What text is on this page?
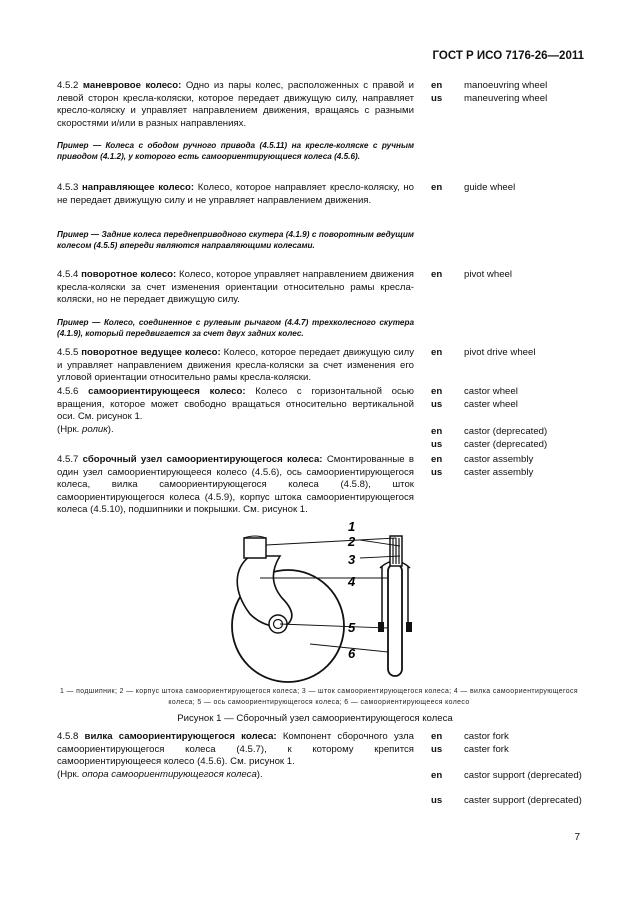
ГОСТ Р ИСО 7176-26—2011
4.5.2 маневровое колесо: Одно из пары колес, расположенных с правой и левой сторон кресла-коляски, которое передает движущую силу, направляет кресло-коляску и управляет направлением движения, вращаясь с разными скоростями и/или в разных направлениях.
Пример — Колеса с ободом ручного привода (4.5.11) на кресле-коляске с ручным приводом (4.1.2), у которого есть самоориентирующиеся колеса (4.5.6).
4.5.3 направляющее колесо: Колесо, которое направляет кресло-коляску, но не передает движущую силу и не управляет направлением движения.
Пример — Задние колеса переднеприводного скутера (4.1.9) с поворотным ведущим колесом (4.5.5) впереди являются направляющими колесами.
4.5.4 поворотное колесо: Колесо, которое управляет направлением движения кресла-коляски за счет изменения ориентации относительно рамы кресла-коляски, но не передает движущую силу.
Пример — Колесо, соединенное с рулевым рычагом (4.4.7) трехколесного скутера (4.1.9), который передвигается за счет двух задних колес.
4.5.5 поворотное ведущее колесо: Колесо, которое передает движущую силу и управляет направлением движения кресла-коляски за счет изменения его угловой ориентации относительно рамы кресла-коляски.
4.5.6 самоориентирующееся колесо: Колесо с горизонтальной осью вращения, которое может свободно вращаться относительно вертикальной оси. См. рисунок 1.
(Нрк. ролик).
4.5.7 сборочный узел самоориентирующегося колеса: Смонтированные в один узел самоориентирующееся колесо (4.5.6), ось самоориентирующегося колеса, вилка самоориентирующегося колеса (4.5.8), шток самоориентирующегося колеса (4.5.9), корпус штока самоориентирующегося колеса (4.5.10), подшипники и покрышки. См. рисунок 1.
en	manoeuvring wheel
us	maneuvering wheel
en	guide wheel
en	pivot wheel
en	pivot drive wheel
en	castor wheel
us	caster wheel
en	castor (deprecated)
us	caster (deprecated)
en	castor assembly
us	caster assembly
1
2
3
4
5
6
1 — подшипник; 2 — корпус штока самоориентирующегося колеса; 3 — шток самоориентирующегося колеса; 4 — вилка самоориентирующегося колеса; 5 — ось самоориентирующегося колеса; 6 — самоориентирующееся колесо
Рисунок 1 — Сборочный узел самоориентирующегося колеса
4.5.8 вилка самоориентирующегося колеса: Компонент сборочного узла самоориентирующегося колеса (4.5.7), к которому крепится самоориентирующееся колесо (4.5.6). См. рисунок 1.
(Нрк. опора самоориентирующегося колеса).
en	castor fork
us	caster fork
en	castor support (deprecated)
us	caster support (deprecated)
7
